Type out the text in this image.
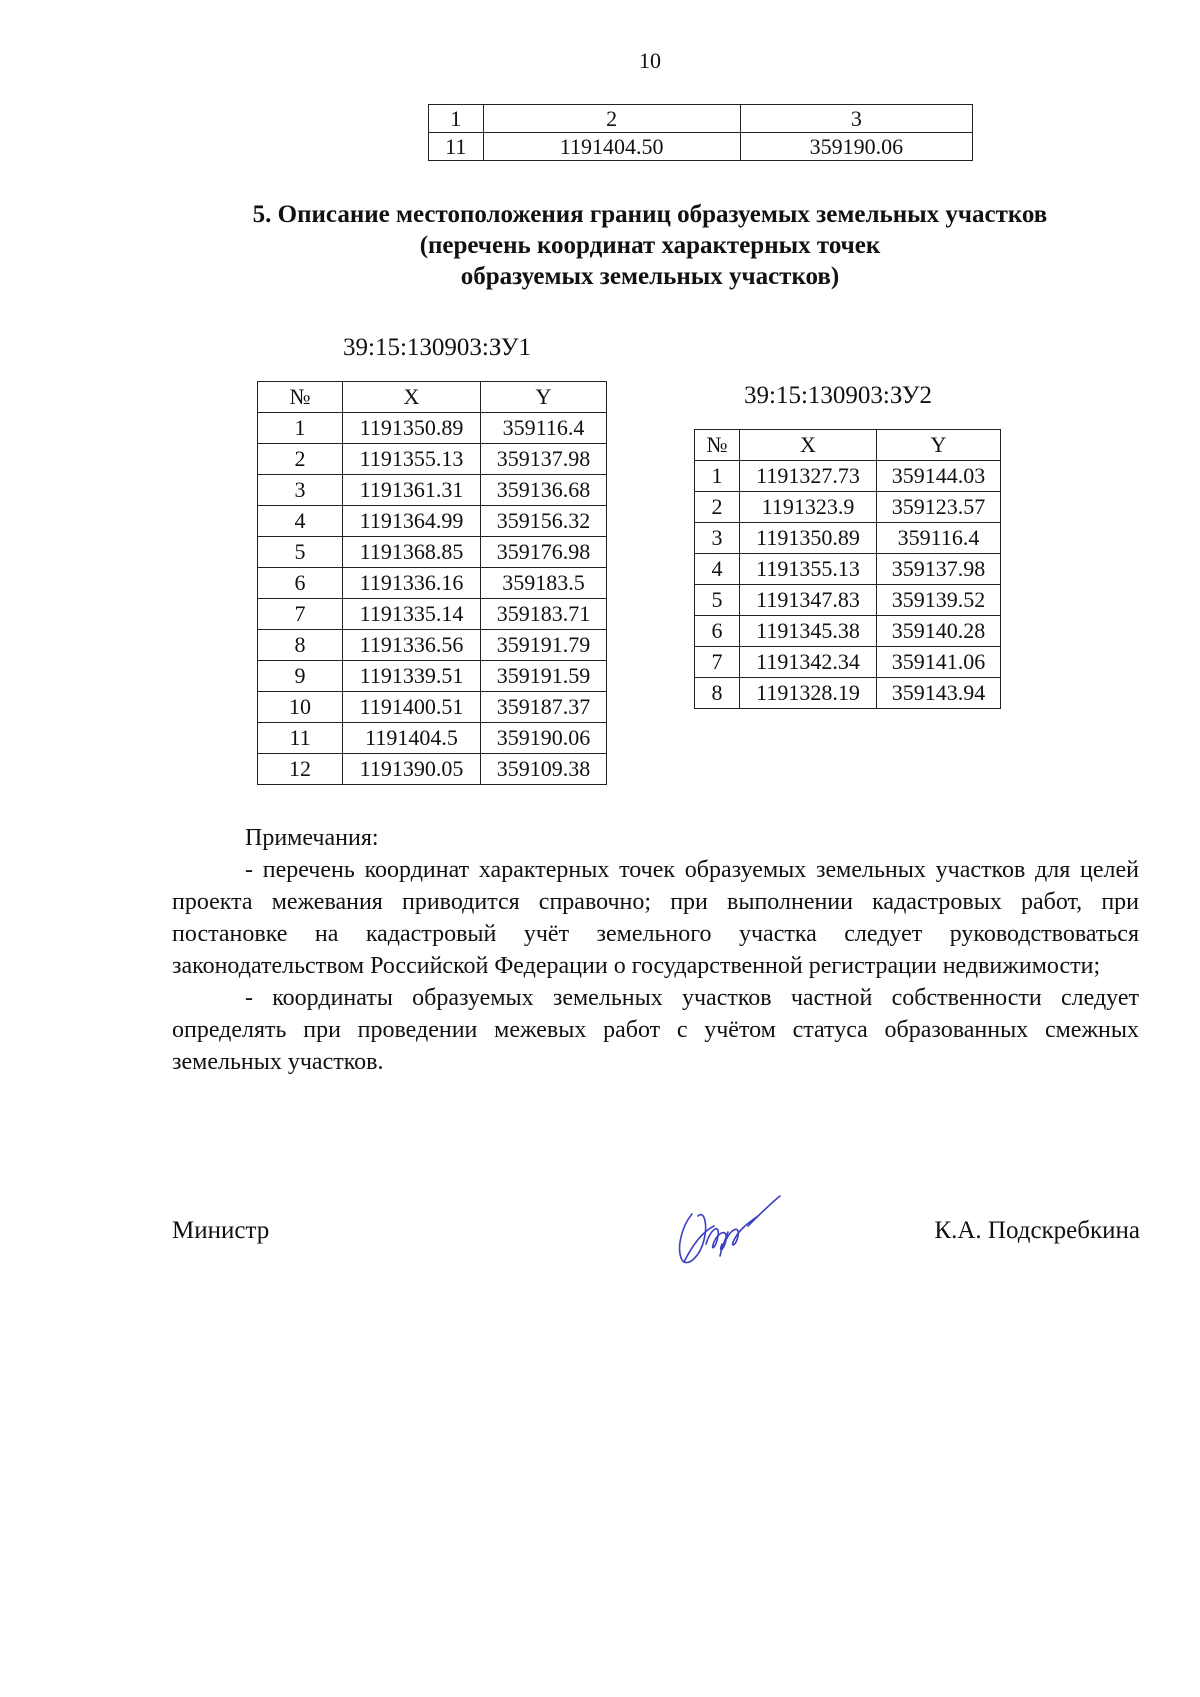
10
1	2	3
11	1191404.50	359190.06
5. Описание местоположения границ образуемых земельных участков
(перечень координат характерных точек
образуемых земельных участков)
39:15:130903:ЗУ1
№	X	Y
1	1191350.89	359116.4
2	1191355.13	359137.98
3	1191361.31	359136.68
4	1191364.99	359156.32
5	1191368.85	359176.98
6	1191336.16	359183.5
7	1191335.14	359183.71
8	1191336.56	359191.79
9	1191339.51	359191.59
10	1191400.51	359187.37
11	1191404.5	359190.06
12	1191390.05	359109.38
39:15:130903:ЗУ2
№	X	Y
1	1191327.73	359144.03
2	1191323.9	359123.57
3	1191350.89	359116.4
4	1191355.13	359137.98
5	1191347.83	359139.52
6	1191345.38	359140.28
7	1191342.34	359141.06
8	1191328.19	359143.94

Примечания:

- перечень координат характерных точек образуемых земельных участков для целей проекта межевания приводится справочно; при выполнении кадастровых работ, при постановке на кадастровый учёт земельного участка следует руководствоваться законодательством Российской Федерации о государственной регистрации недвижимости;

- координаты образуемых земельных участков частной собственности следует определять при проведении межевых работ с учётом статуса образованных смежных земельных участков.

Министр	К.А. Подскребкина
